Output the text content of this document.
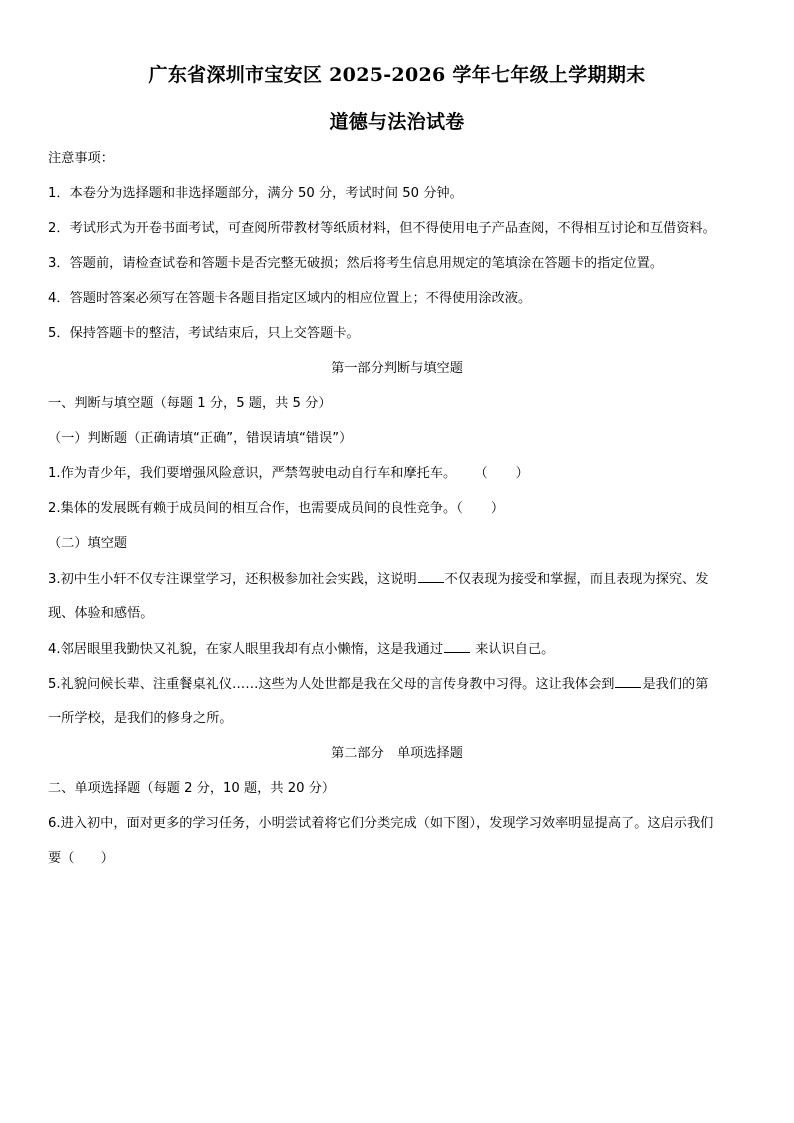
广东省深圳市宝安区 2025-2026 学年七年级上学期期末
道德与法治试卷
注意事项：
1．本卷分为选择题和非选择题部分，满分 50 分，考试时间 50 分钟。
2．考试形式为开卷书面考试，可查阅所带教材等纸质材料，但不得使用电子产品查阅，不得相互讨论和互借资料。
3．答题前，请检查试卷和答题卡是否完整无破损；然后将考生信息用规定的笔填涂在答题卡的指定位置。
4．答题时答案必须写在答题卡各题目指定区域内的相应位置上；不得使用涂改液。
5．保持答题卡的整洁，考试结束后，只上交答题卡。
第一部分判断与填空题
一、判断与填空题（每题 1 分，5 题，共 5 分）
（一）判断题（正确请填“正确”，错误请填“错误”）
1.作为青少年，我们要增强风险意识，严禁驾驶电动自行车和摩托车。 （ ）
2.集体的发展既有赖于成员间的相互合作，也需要成员间的良性竞争。（ ）
（二）填空题
3.初中生小轩不仅专注课堂学习，还积极参加社会实践，这说明 不仅表现为接受和掌握，而且表现为探究、发
现、体验和感悟。
4.邻居眼里我勤快又礼貌，在家人眼里我却有点小懒惰，这是我通过 来认识自己。
5.礼貌问候长辈、注重餐桌礼仪……这些为人处世都是我在父母的言传身教中习得。这让我体会到 是我们的第
一所学校，是我们的修身之所。
第二部分　单项选择题
二、单项选择题（每题 2 分，10 题，共 20 分）
6.进入初中，面对更多的学习任务，小明尝试着将它们分类完成（如下图），发现学习效率明显提高了。这启示我们
要（　　）
